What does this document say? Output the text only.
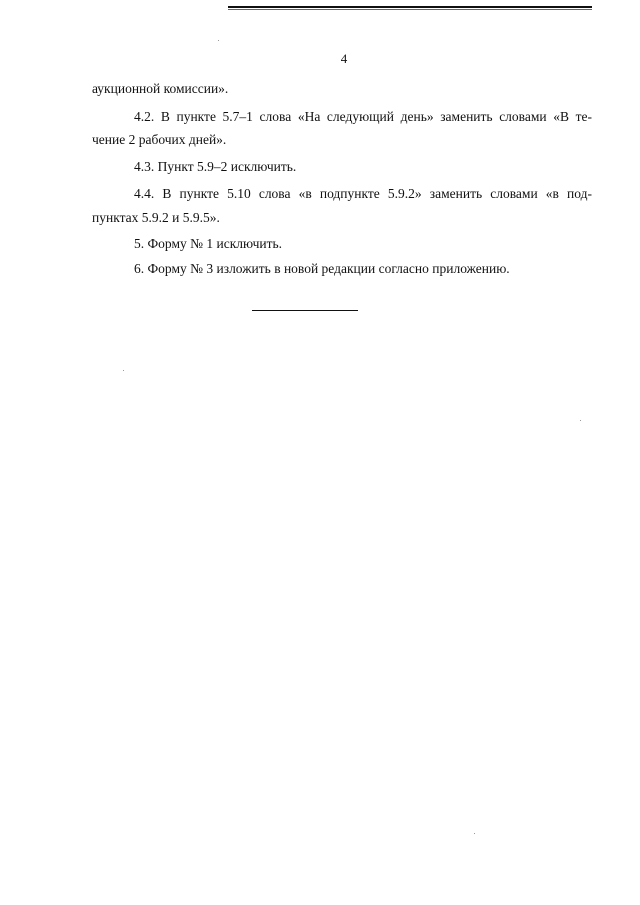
4
аукционной комиссии».
4.2. В пункте 5.7–1 слова «На следующий день» заменить словами «В те-
чение 2 рабочих дней».
4.3. Пункт 5.9–2 исключить.
4.4. В пункте 5.10 слова «в подпункте 5.9.2» заменить словами «в под-
пунктах 5.9.2 и 5.9.5».
5. Форму № 1 исключить.
6. Форму № 3 изложить в новой редакции согласно приложению.
